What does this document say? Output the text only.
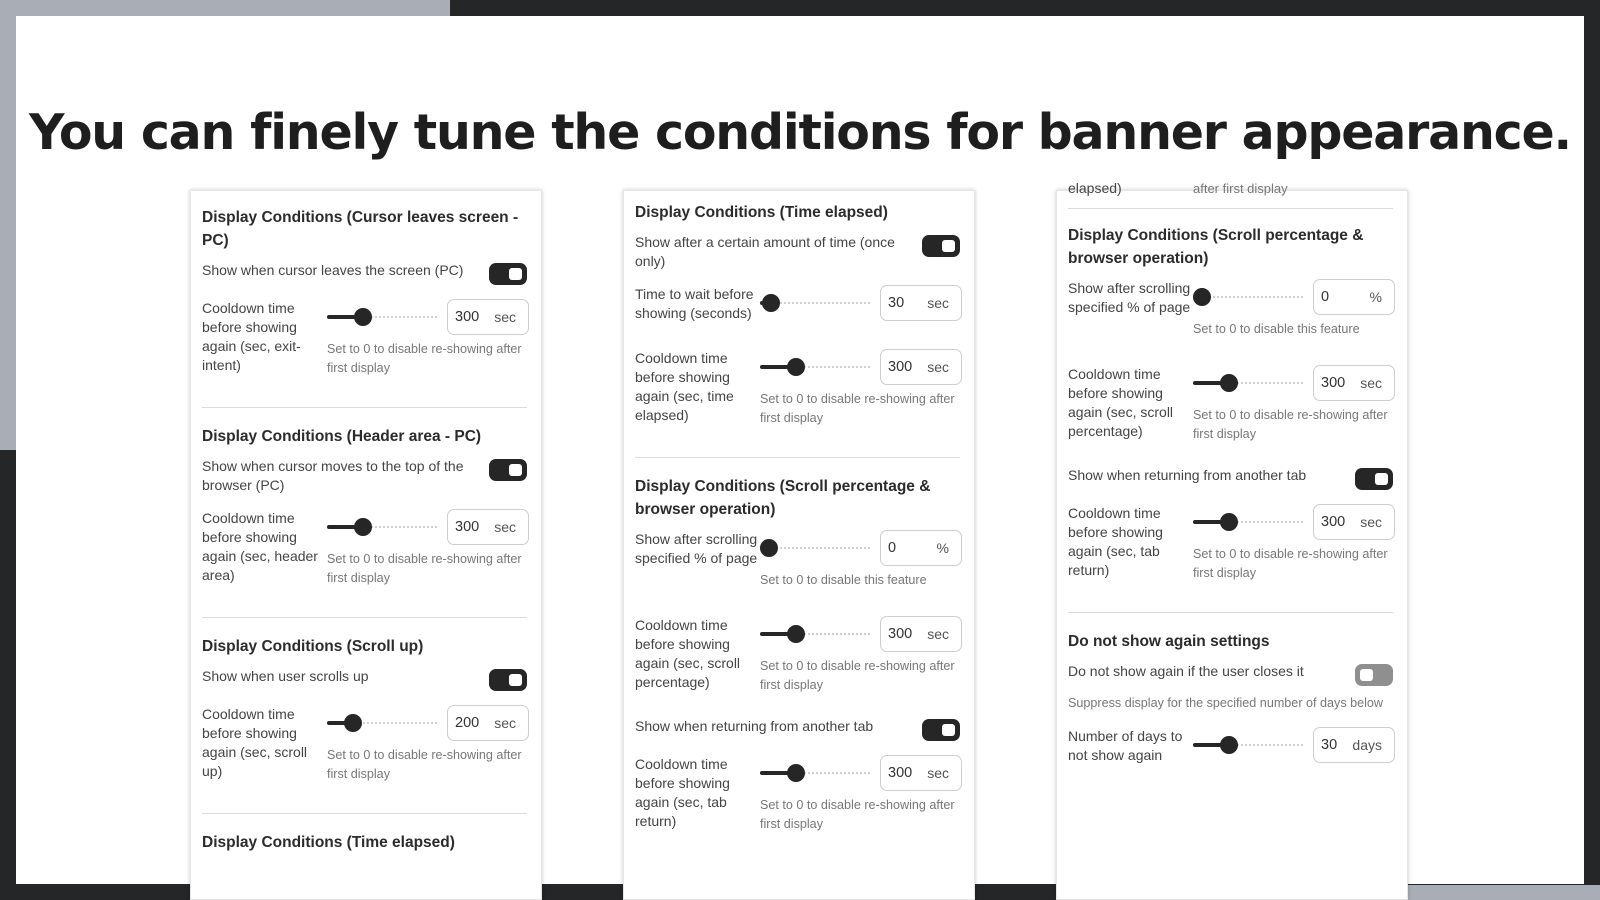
You can finely tune the conditions for banner appearance.
Display Conditions (Cursor leaves screen - PC)
Show when cursor leaves the screen (PC)
Cooldown time before showing again (sec, exit-intent)
300 sec
Set to 0 to disable re-showing after first display
Display Conditions (Header area - PC)
Show when cursor moves to the top of the browser (PC)
Cooldown time before showing again (sec, header area)
300 sec
Set to 0 to disable re-showing after first display
Display Conditions (Scroll up)
Show when user scrolls up
Cooldown time before showing again (sec, scroll up)
200 sec
Set to 0 to disable re-showing after first display
Display Conditions (Time elapsed)
Display Conditions (Time elapsed)
Show after a certain amount of time (once only)
Time to wait before showing (seconds)
30 sec
Cooldown time before showing again (sec, time elapsed)
300 sec
Set to 0 to disable re-showing after first display
Display Conditions (Scroll percentage & browser operation)
Show after scrolling specified % of page
0	%
Set to 0 to disable this feature
Cooldown time before showing again (sec, scroll percentage)
300 sec
Set to 0 to disable re-showing after first display
Show when returning from another tab
Cooldown time before showing again (sec, tab return)
300 sec
Set to 0 to disable re-showing after first display
elapsed)	after first display
Display Conditions (Scroll percentage & browser operation)
Show after scrolling specified % of page
0	%
Set to 0 to disable this feature
Cooldown time before showing again (sec, scroll percentage)
300 sec
Set to 0 to disable re-showing after first display
Show when returning from another tab
Cooldown time before showing again (sec, tab return)
300 sec
Set to 0 to disable re-showing after first display
Do not show again settings
Do not show again if the user closes it
Suppress display for the specified number of days below
Number of days to not show again
30 days
